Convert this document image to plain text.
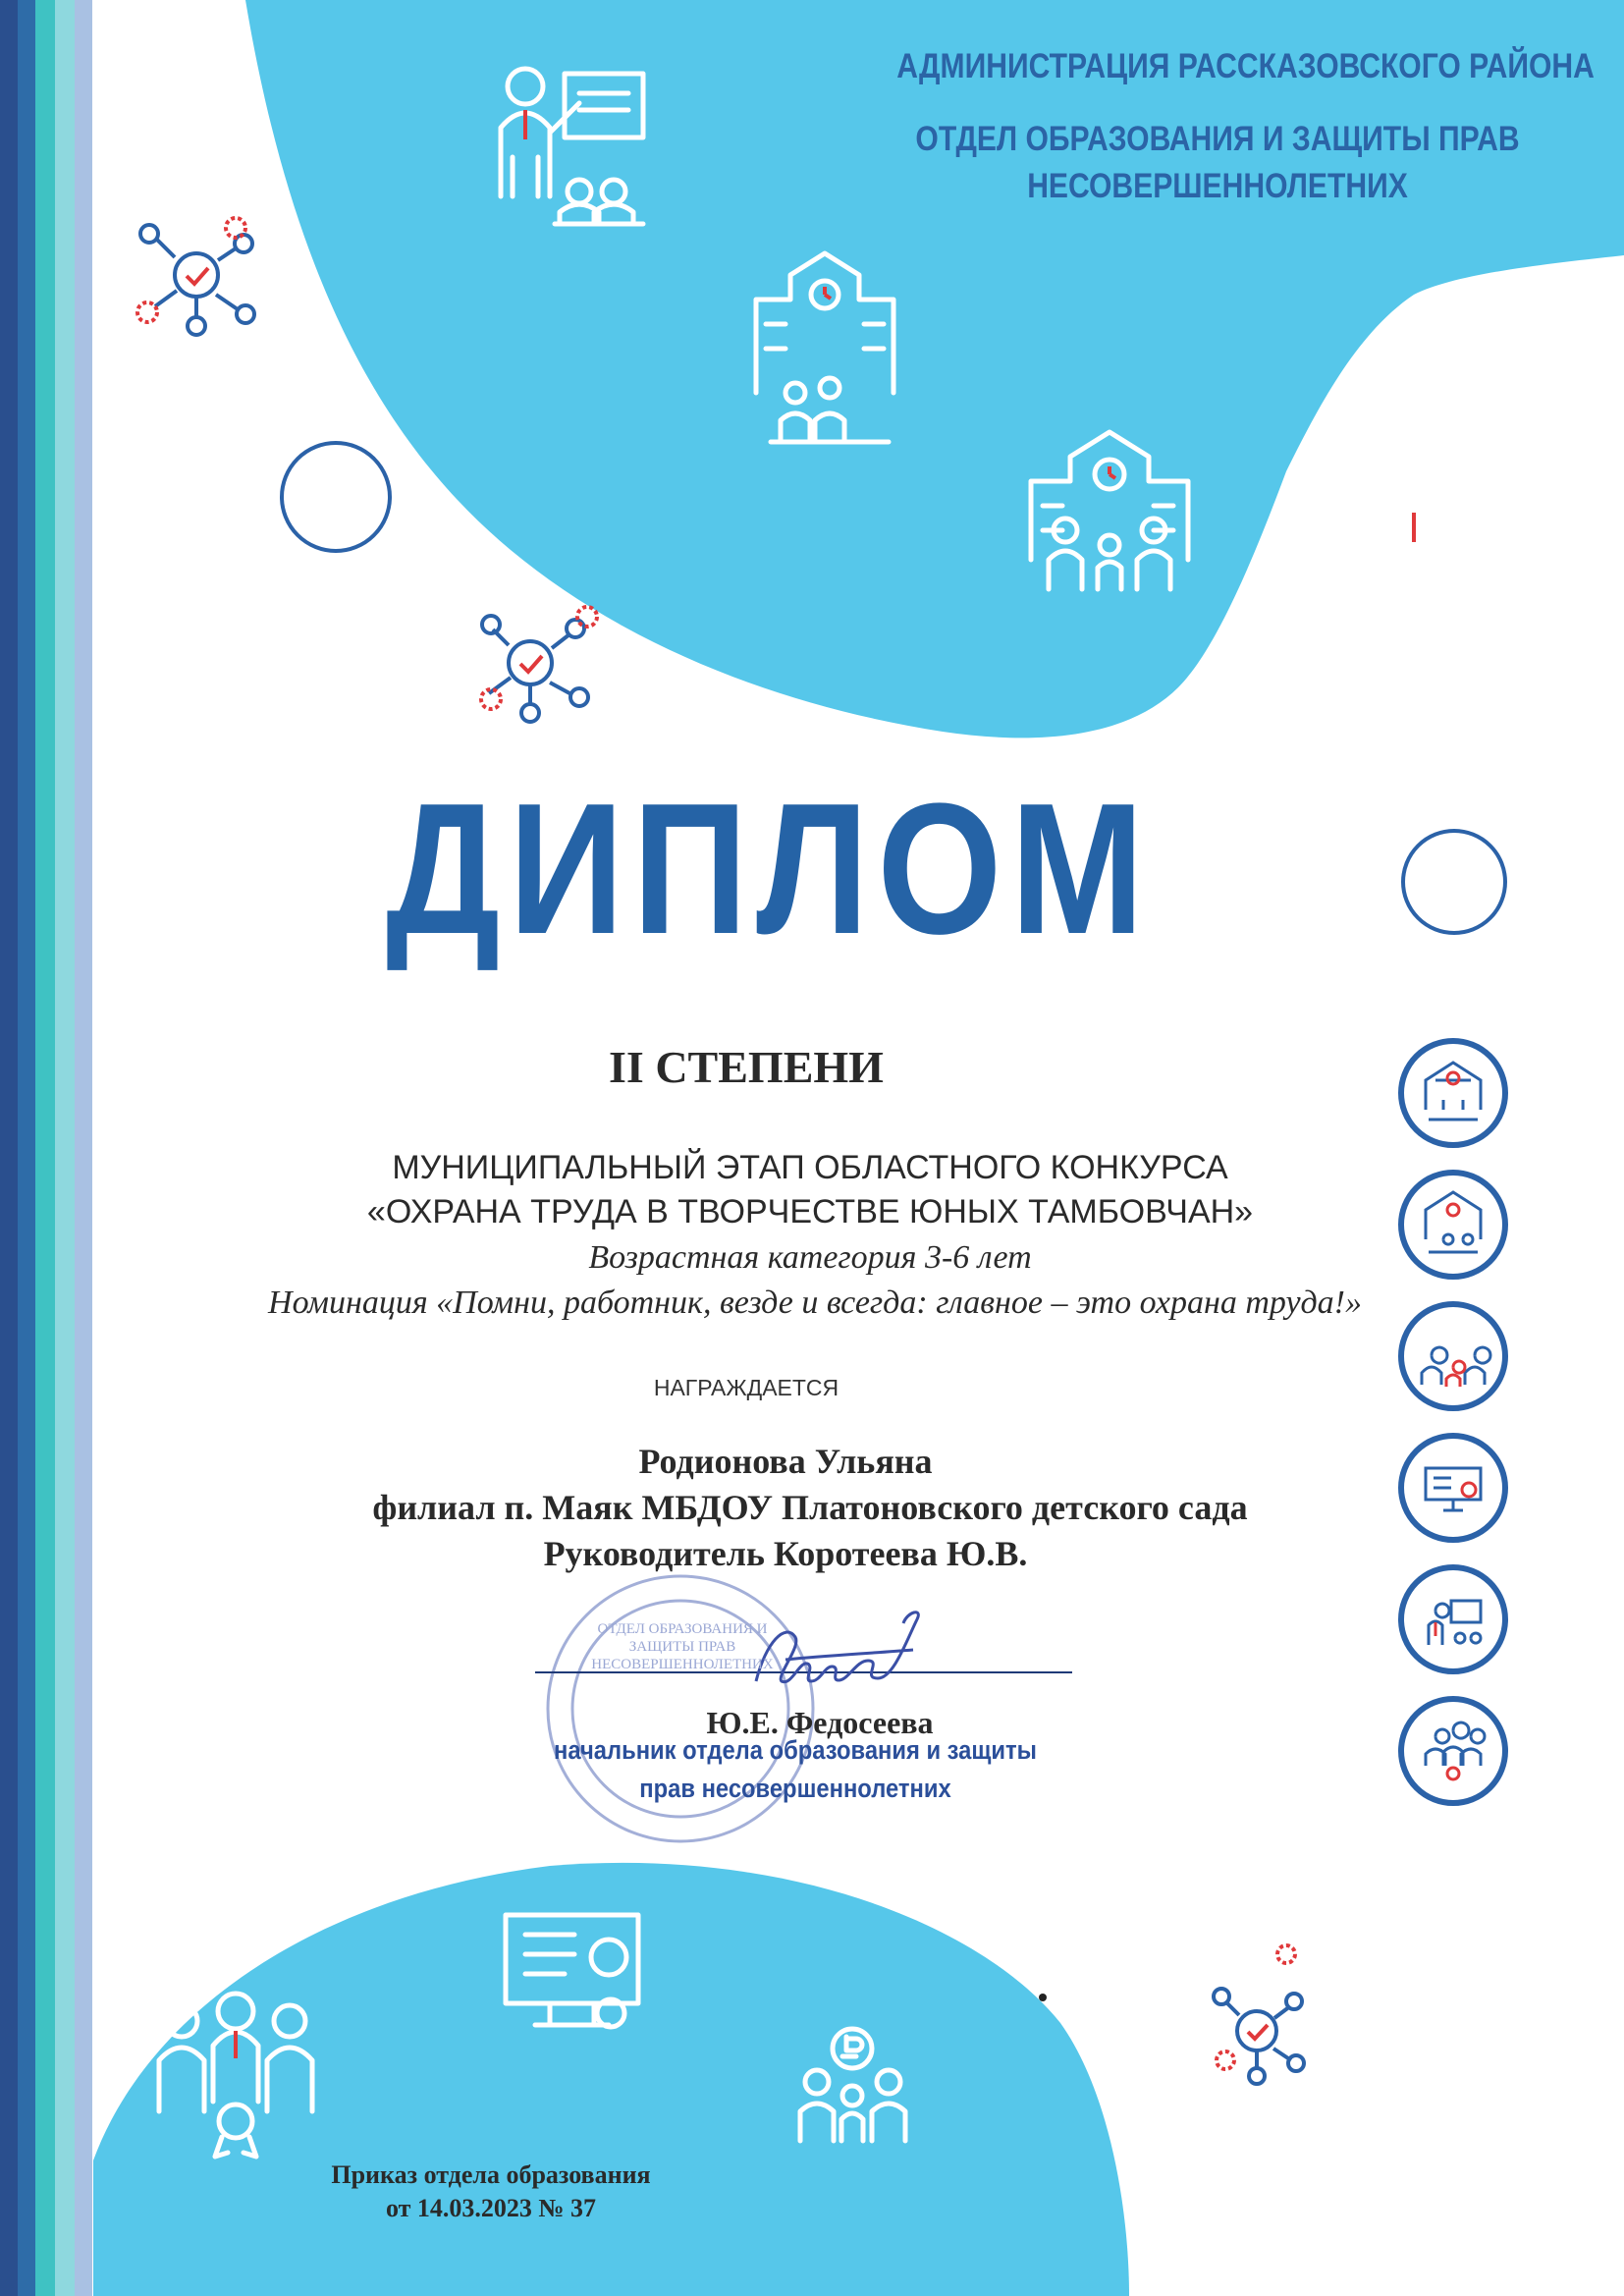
АДМИНИСТРАЦИЯ РАССКАЗОВСКОГО РАЙОНА
ОТДЕЛ ОБРАЗОВАНИЯ И ЗАЩИТЫ ПРАВ
НЕСОВЕРШЕННОЛЕТНИХ
ДИПЛОМ
II СТЕПЕНИ
МУНИЦИПАЛЬНЫЙ ЭТАП ОБЛАСТНОГО КОНКУРСА
«ОХРАНА ТРУДА В ТВОРЧЕСТВЕ ЮНЫХ ТАМБОВЧАН»
Возрастная категория 3-6 лет
Номинация «Помни, работник, везде и всегда: главное – это охрана труда!»
НАГРАЖДАЕТСЯ
Родионова Ульяна
филиал п. Маяк МБДОУ Платоновского детского сада
Руководитель Коротеева Ю.В.
ОТДЕЛ ОБРАЗОВАНИЯ И ЗАЩИТЫ ПРАВ НЕСОВЕРШЕННОЛЕТНИХ
Ю.Е. Федосеева
начальник отдела образования и защиты
прав несовершеннолетних
Приказ отдела образования
от 14.03.2023 № 37
